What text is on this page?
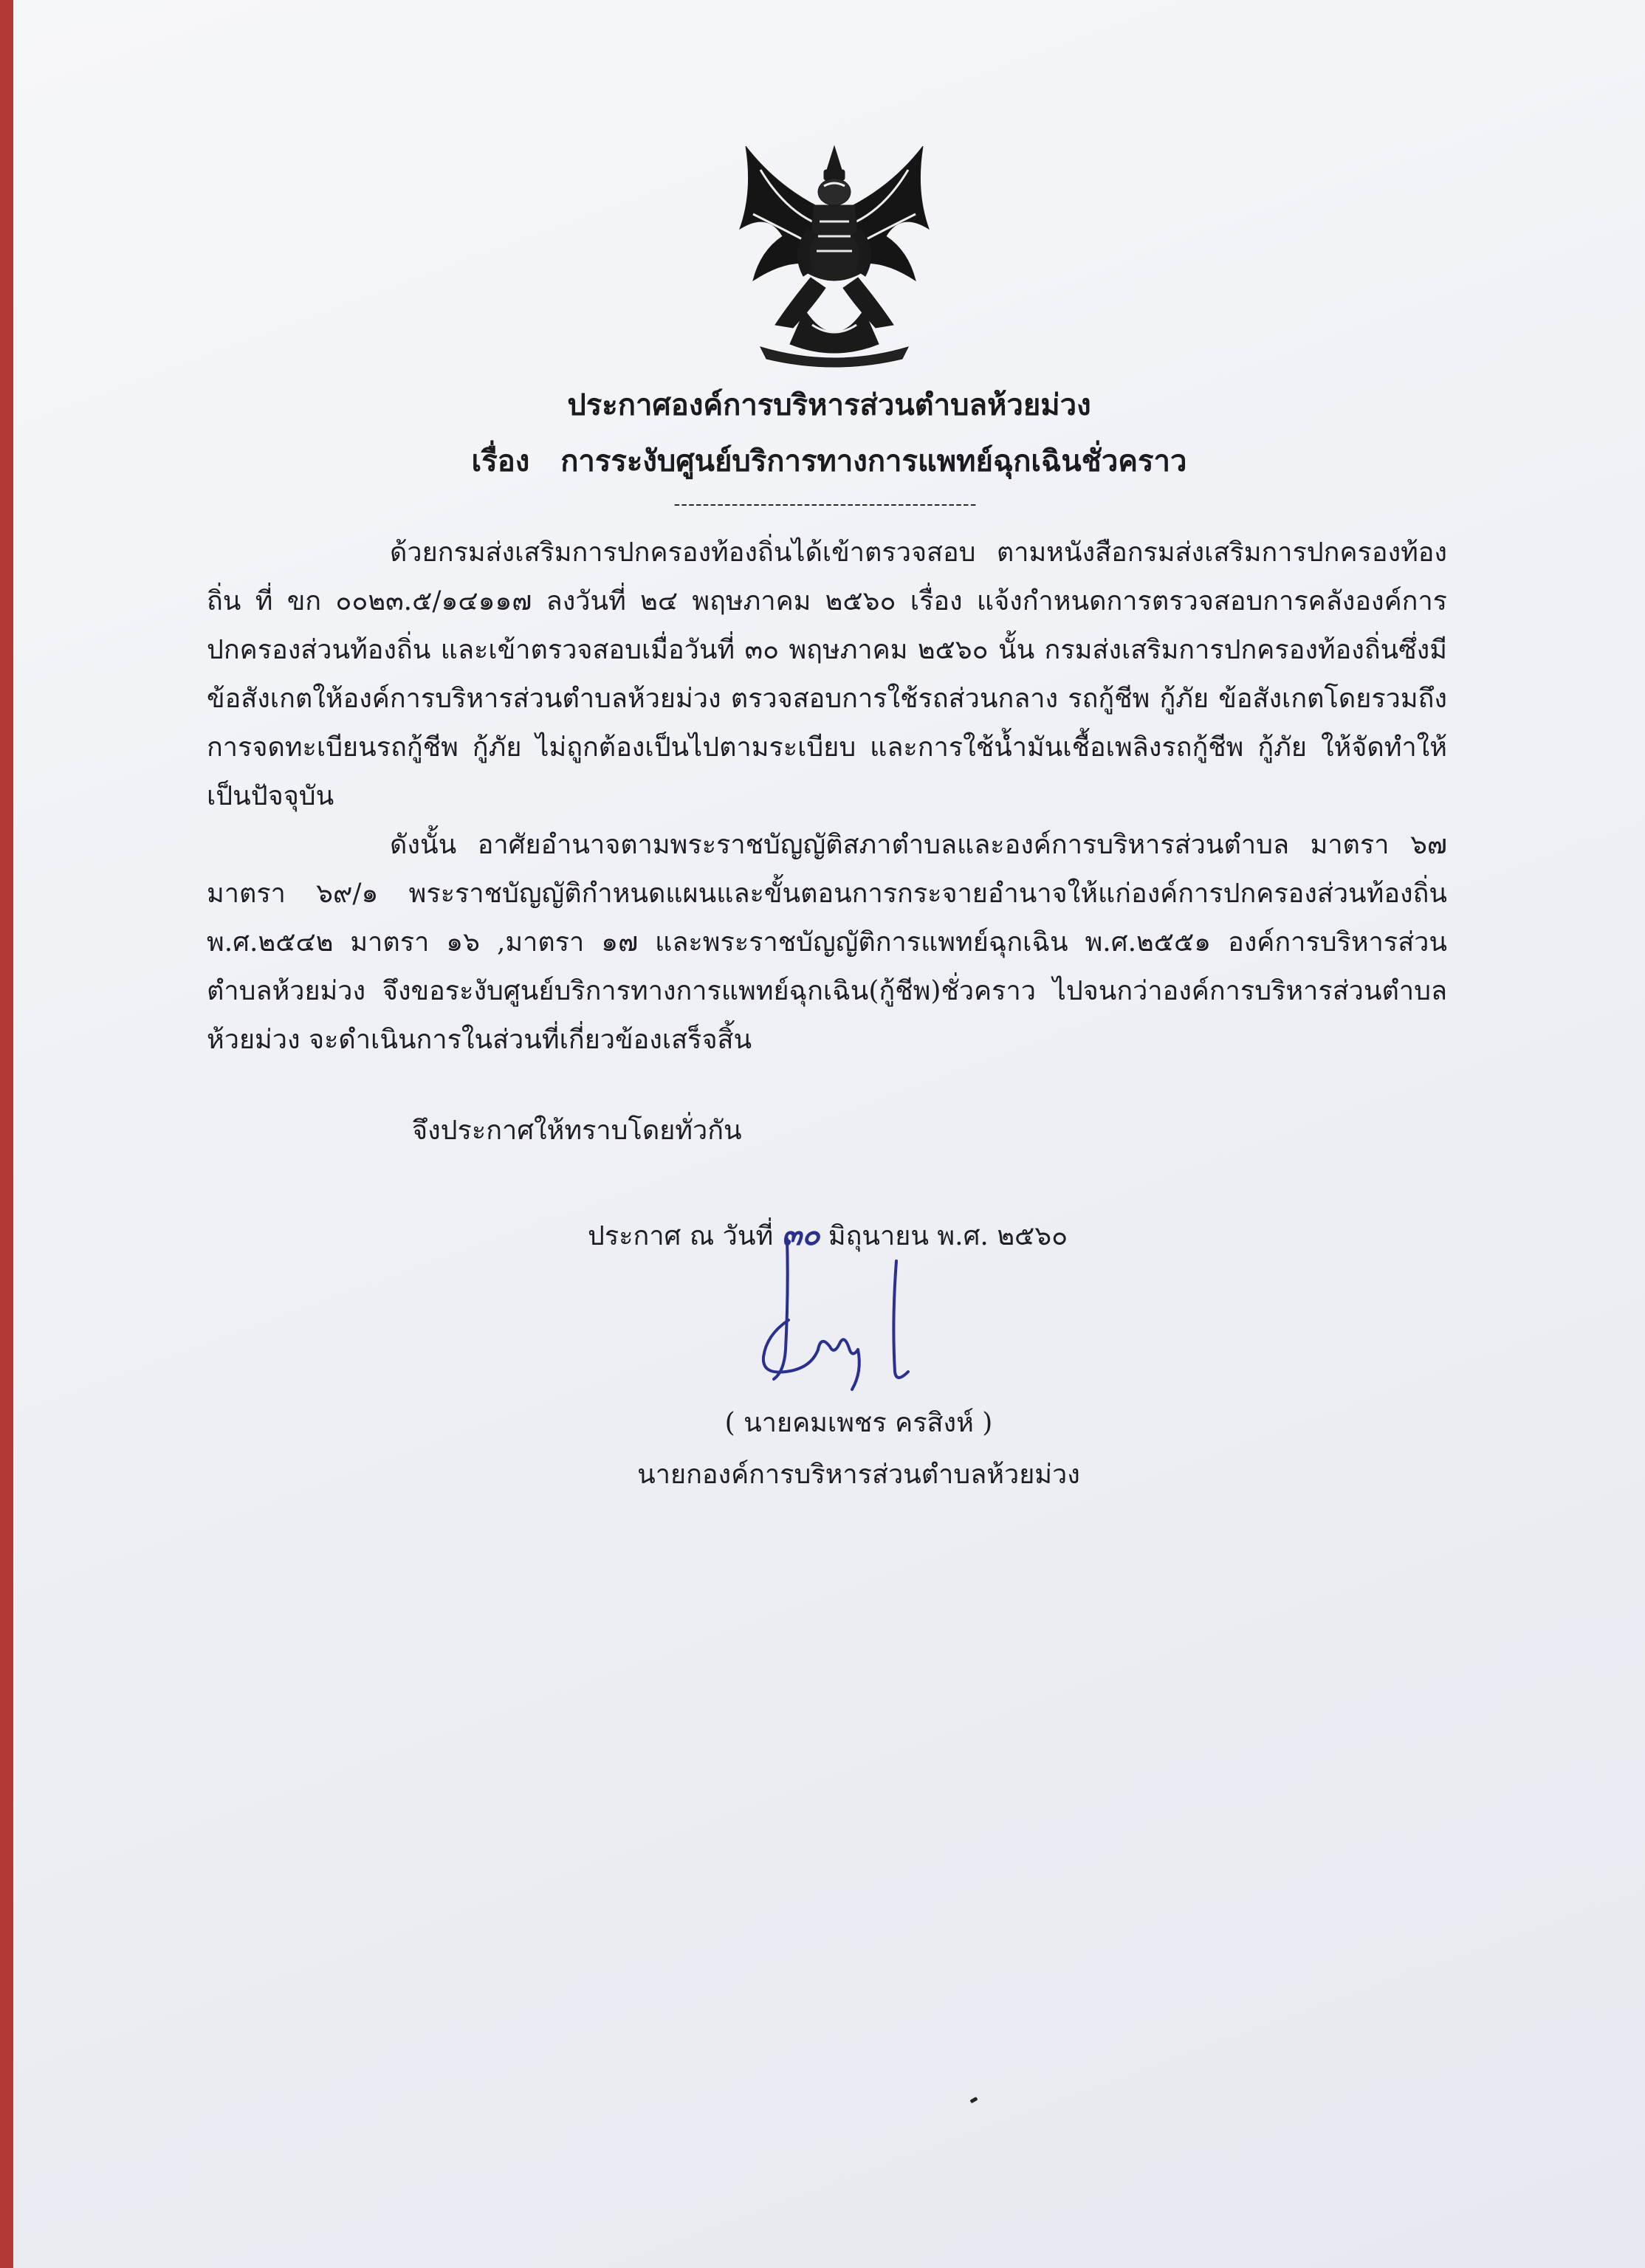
ประกาศองค์การบริหารส่วนตำบลห้วยม่วง
เรื่อง การระงับศูนย์บริการทางการแพทย์ฉุกเฉินชั่วคราว
------------------------------------------
ด้วยกรมส่งเสริมการปกครองท้องถิ่นได้เข้าตรวจสอบ ตามหนังสือกรมส่งเสริมการปกครองท้องถิ่น ที่ ขก ๐๐๒๓.๕/๑๔๑๑๗ ลงวันที่ ๒๔ พฤษภาคม ๒๕๖๐ เรื่อง แจ้งกำหนดการตรวจสอบการคลังองค์การปกครองส่วนท้องถิ่น และเข้าตรวจสอบเมื่อวันที่ ๓๐ พฤษภาคม ๒๕๖๐ นั้น กรมส่งเสริมการปกครองท้องถิ่นซึ่งมีข้อสังเกตให้องค์การบริหารส่วนตำบลห้วยม่วง ตรวจสอบการใช้รถส่วนกลาง รถกู้ชีพ กู้ภัย ข้อสังเกตโดยรวมถึงการจดทะเบียนรถกู้ชีพ กู้ภัย ไม่ถูกต้องเป็นไปตามระเบียบ และการใช้น้ำมันเชื้อเพลิงรถกู้ชีพ กู้ภัย ให้จัดทำให้เป็นปัจจุบัน
ดังนั้น อาศัยอำนาจตามพระราชบัญญัติสภาตำบลและองค์การบริหารส่วนตำบล มาตรา ๖๗ มาตรา ๖๙/๑ พระราชบัญญัติกำหนดแผนและขั้นตอนการกระจายอำนาจให้แก่องค์การปกครองส่วนท้องถิ่น พ.ศ.๒๕๔๒ มาตรา ๑๖ ,มาตรา ๑๗ และพระราชบัญญัติการแพทย์ฉุกเฉิน พ.ศ.๒๕๕๑ องค์การบริหารส่วนตำบลห้วยม่วง จึงขอระงับศูนย์บริการทางการแพทย์ฉุกเฉิน(กู้ชีพ)ชั่วคราว ไปจนกว่าองค์การบริหารส่วนตำบลห้วยม่วง จะดำเนินการในส่วนที่เกี่ยวข้องเสร็จสิ้น
จึงประกาศให้ทราบโดยทั่วกัน
ประกาศ ณ วันที่ ๓๐ มิถุนายน พ.ศ. ๒๕๖๐
( นายคมเพชร ครสิงห์ )
นายกองค์การบริหารส่วนตำบลห้วยม่วง
